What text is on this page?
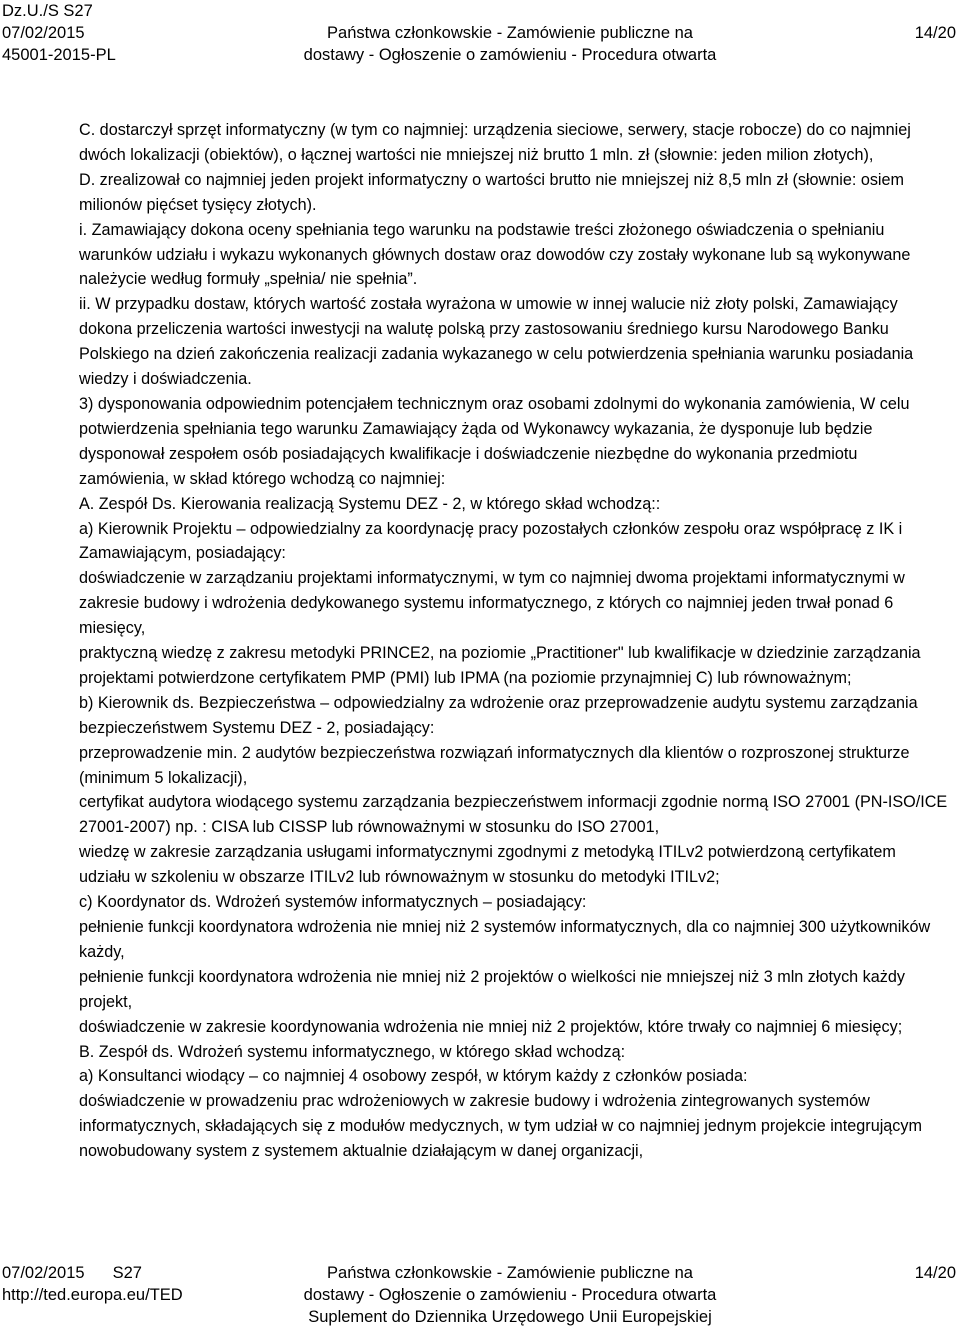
Dz.U./S S27
07/02/2015
45001-2015-PL
Państwa członkowskie - Zamówienie publiczne na
dostawy - Ogłoszenie o zamówieniu - Procedura otwarta
14/20

C. dostarczył sprzęt informatyczny (w tym co najmniej: urządzenia sieciowe, serwery, stacje robocze) do co najmniej dwóch lokalizacji (obiektów), o łącznej wartości nie mniejszej niż brutto 1 mln. zł (słownie: jeden milion złotych),

D. zrealizował co najmniej jeden projekt informatyczny o wartości brutto nie mniejszej niż 8,5 mln zł (słownie: osiem milionów pięćset tysięcy złotych).

i. Zamawiający dokona oceny spełniania tego warunku na podstawie treści złożonego oświadczenia o spełnianiu warunków udziału i wykazu wykonanych głównych dostaw oraz dowodów czy zostały wykonane lub są wykonywane należycie według formuły „spełnia/ nie spełnia”.

ii. W przypadku dostaw, których wartość została wyrażona w umowie w innej walucie niż złoty polski, Zamawiający dokona przeliczenia wartości inwestycji na walutę polską przy zastosowaniu średniego kursu Narodowego Banku Polskiego na dzień zakończenia realizacji zadania wykazanego w celu potwierdzenia spełniania warunku posiadania wiedzy i doświadczenia.

3) dysponowania odpowiednim potencjałem technicznym oraz osobami zdolnymi do wykonania zamówienia, W celu potwierdzenia spełniania tego warunku Zamawiający żąda od Wykonawcy wykazania, że dysponuje lub będzie dysponował zespołem osób posiadających kwalifikacje i doświadczenie niezbędne do wykonania przedmiotu zamówienia, w skład którego wchodzą co najmniej:

A. Zespół Ds. Kierowania realizacją Systemu DEZ - 2, w którego skład wchodzą::

a) Kierownik Projektu – odpowiedzialny za koordynację pracy pozostałych członków zespołu oraz współpracę z IK i Zamawiającym, posiadający:

doświadczenie w zarządzaniu projektami informatycznymi, w tym co najmniej dwoma projektami informatycznymi w zakresie budowy i wdrożenia dedykowanego systemu informatycznego, z których co najmniej jeden trwał ponad 6 miesięcy,

praktyczną wiedzę z zakresu metodyki PRINCE2, na poziomie „Practitioner" lub kwalifikacje w dziedzinie zarządzania projektami potwierdzone certyfikatem PMP (PMI) lub IPMA (na poziomie przynajmniej C) lub równoważnym;

b) Kierownik ds. Bezpieczeństwa – odpowiedzialny za wdrożenie oraz przeprowadzenie audytu systemu zarządzania bezpieczeństwem Systemu DEZ - 2, posiadający:

przeprowadzenie min. 2 audytów bezpieczeństwa rozwiązań informatycznych dla klientów o rozproszonej strukturze (minimum 5 lokalizacji),

certyfikat audytora wiodącego systemu zarządzania bezpieczeństwem informacji zgodnie normą ISO 27001 (PN-ISO/ICE 27001-2007) np. : CISA lub CISSP lub równoważnymi w stosunku do ISO 27001,

wiedzę w zakresie zarządzania usługami informatycznymi zgodnymi z metodyką ITILv2 potwierdzoną certyfikatem udziału w szkoleniu w obszarze ITILv2 lub równoważnym w stosunku do metodyki ITILv2;

c) Koordynator ds. Wdrożeń systemów informatycznych – posiadający:

pełnienie funkcji koordynatora wdrożenia nie mniej niż 2 systemów informatycznych, dla co najmniej 300 użytkowników każdy,

pełnienie funkcji koordynatora wdrożenia nie mniej niż 2 projektów o wielkości nie mniejszej niż 3 mln złotych każdy projekt,

doświadczenie w zakresie koordynowania wdrożenia nie mniej niż 2 projektów, które trwały co najmniej 6 miesięcy;

B. Zespół ds. Wdrożeń systemu informatycznego, w którego skład wchodzą:

a) Konsultanci wiodący – co najmniej 4 osobowy zespół, w którym każdy z członków posiada:

doświadczenie w prowadzeniu prac wdrożeniowych w zakresie budowy i wdrożenia zintegrowanych systemów informatycznych, składających się z modułów medycznych, w tym udział w co najmniej jednym projekcie integrującym nowobudowany system z systemem aktualnie działającym w danej organizacji,

07/02/2015 S27
http://ted.europa.eu/TED
Państwa członkowskie - Zamówienie publiczne na
dostawy - Ogłoszenie o zamówieniu - Procedura otwarta
Suplement do Dziennika Urzędowego Unii Europejskiej
14/20
